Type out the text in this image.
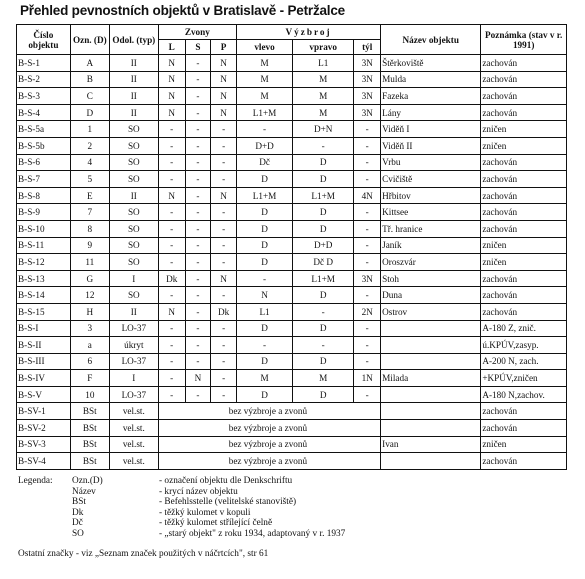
Přehled pevnostních objektů v Bratislavě - Petržalce
Číslo objektu	Ozn. (D)	Odol. (typ)	Zvony			Výzbroj			Název objektu	Poznámka (stav v r. 1991)
			L	S	P	vlevo	vpravo	týl		
B-S-1	A	II	N	-	N	M	L1	3N	Štěrkoviště	zachován
B-S-2	B	II	N	-	N	M	M	3N	Mulda	zachován
B-S-3	C	II	N	-	N	M	M	3N	Fazeka	zachován
B-S-4	D	II	N	-	N	L1+M	M	3N	Lány	zachován
B-S-5a	1	SO	-	-	-	-	D+N	-	Viděň I	zničen
B-S-5b	2	SO	-	-	-	D+D	-	-	Viděň II	zničen
B-S-6	4	SO	-	-	-	Dč	D	-	Vrbu	zachován
B-S-7	5	SO	-	-	-	D	D	-	Cvičiště	zachován
B-S-8	E	II	N	-	N	L1+M	L1+M	4N	Hřbitov	zachován
B-S-9	7	SO	-	-	-	D	D	-	Kittsee	zachován
B-S-10	8	SO	-	-	-	D	D	-	Tř. hranice	zachován
B-S-11	9	SO	-	-	-	D	D+D	-	Janík	zničen
B-S-12	11	SO	-	-	-	D	Dč D	-	Oroszvár	zničen
B-S-13	G	I	Dk	-	N	-	L1+M	3N	Stoh	zachován
B-S-14	12	SO	-	-	-	N	D	-	Duna	zachován
B-S-15	H	II	N	-	Dk	L1	-	2N	Ostrov	zachován
B-S-I	3	LO-37	-	-	-	D	D	-		A-180 Z, znič.
B-S-II	a	úkryt	-	-	-	-	-	-		ú.KPÚV,zasyp.
B-S-III	6	LO-37	-	-	-	D	D	-		A-200 N, zach.
B-S-IV	F	I	-	N	-	M	M	1N	Milada	+KPÚV,zničen
B-S-V	10	LO-37	-	-	-	D	D	-		A-180 N,zachov.
B-SV-1	BSt	vel.st.	bez výzbroje a zvonů							zachován
B-SV-2	BSt	vel.st.	bez výzbroje a zvonů							zachován
B-SV-3	BSt	vel.st.	bez výzbroje a zvonů						Ivan	zničen
B-SV-4	BSt	vel.st.	bez výzbroje a zvonů							zachován
Legenda: Ozn.(D)	- označení objektu dle Denkschriftu
Název	- krycí název objektu
BSt	- Befehlsstelle (velitelské stanoviště)
Dk	- těžký kulomet v kopuli
Dč	- těžký kulomet střílející čelně
SO	- „starý objekt" z roku 1934, adaptovaný v r. 1937
Ostatní značky - viz „Seznam značek použitých v náčrtcích", str 61
